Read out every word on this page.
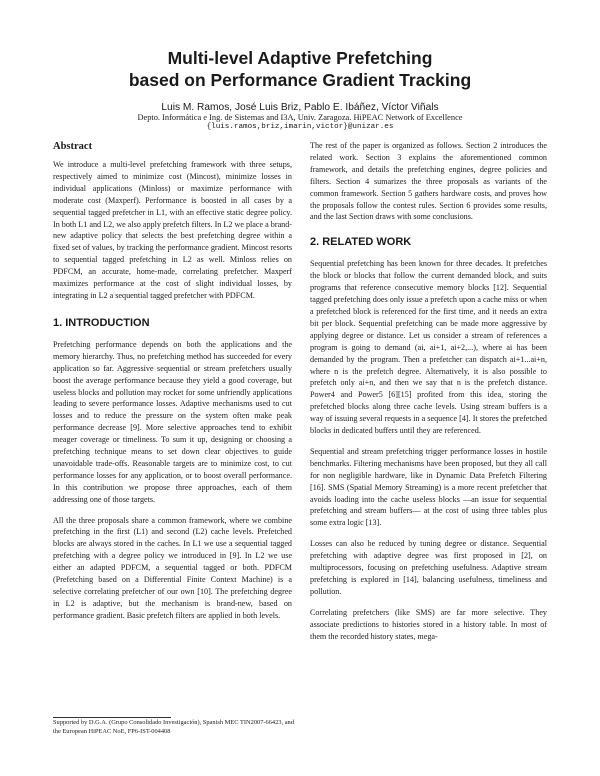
Multi-level Adaptive Prefetching
based on Performance Gradient Tracking
Luis M. Ramos, José Luis Briz, Pablo E. Ibáñez, Víctor Viñals
Depto. Informática e Ing. de Sistemas and I3A, Univ. Zaragoza. HiPEAC Network of Excellence
{luis.ramos,briz,imarin,victor}@unizar.es
Abstract

We introduce a multi-level prefetching framework with three setups, respectively aimed to minimize cost (Mincost), minimize losses in individual applications (Minloss) or maximize performance with moderate cost (Maxperf). Performance is boosted in all cases by a sequential tagged prefetcher in L1, with an effective static degree policy. In both L1 and L2, we also apply prefetch filters. In L2 we place a brand-new adaptive policy that selects the best prefetching degree within a fixed set of values, by tracking the performance gradient. Mincost resorts to sequential tagged prefetching in L2 as well. Minloss relies on PDFCM, an accurate, home-made, correlating prefetcher. Maxperf maximizes performance at the cost of slight individual losses, by integrating in L2 a sequential tagged prefetcher with PDFCM.

1. INTRODUCTION

Prefetching performance depends on both the applications and the memory hierarchy. Thus, no prefetching method has succeeded for every application so far. Aggressive sequential or stream prefetchers usually boost the average performance because they yield a good coverage, but useless blocks and pollution may rocket for some unfriendly applications leading to severe performance losses. Adaptive mechanisms used to cut losses and to reduce the pressure on the system often make peak performance decrease [9]. More selective approaches tend to exhibit meager coverage or timeliness. To sum it up, designing or choosing a prefetching technique means to set down clear objectives to guide unavoidable trade-offs. Reasonable targets are to minimize cost, to cut performance losses for any application, or to boost overall performance. In this contribution we propose three approaches, each of them addressing one of those targets.

All the three proposals share a common framework, where we combine prefetching in the first (L1) and second (L2) cache levels. Prefetched blocks are always stored in the caches. In L1 we use a sequential tagged prefetching with a degree policy we introduced in [9]. In L2 we use either an adapted PDFCM, a sequential tagged or both. PDFCM (Prefetching based on a Differential Finite Context Machine) is a selective correlating prefetcher of our own [10]. The prefetching degree in L2 is adaptive, but the mechanism is brand-new, based on performance gradient. Basic prefetch filters are applied in both levels.

Supported by D.G.A. (Grupo Consolidado Investigación), Spanish MEC TIN2007-66423, and the European HiPEAC NoE, FP6-IST-004408

The rest of the paper is organized as follows. Section 2 introduces the related work. Section 3 explains the aforementioned common framework, and details the prefetching engines, degree policies and filters. Section 4 sumarizes the three proposals as variants of the common framework. Section 5 gathers hardware costs, and proves how the proposals follow the contest rules. Section 6 provides some results, and the last Section draws with some conclusions.

2. RELATED WORK

Sequential prefetching has been known for three decades. It prefetches the block or blocks that follow the current demanded block, and suits programs that reference consecutive memory blocks [12]. Sequential tagged prefetching does only issue a prefetch upon a cache miss or when a prefetched block is referenced for the first time, and it needs an extra bit per block. Sequential prefetching can be made more aggressive by applying degree or distance. Let us consider a stream of references a program is going to demand (ai, ai+1, ai+2,...), where ai has been demanded by the program. Then a prefetcher can dispatch ai+1...ai+n, where n is the prefetch degree. Alternatively, it is also possible to prefetch only ai+n, and then we say that n is the prefetch distance. Power4 and Power5 [6][15] profited from this idea, storing the prefetched blocks along three cache levels. Using stream buffers is a way of issuing several requests in a sequence [4]. It stores the prefetched blocks in dedicated buffers until they are referenced.

Sequential and stream prefetching trigger performance losses in hostile benchmarks. Filtering mechanisms have been proposed, but they all call for non negligible hardware, like in Dynamic Data Prefetch Filtering [16]. SMS (Spatial Memory Streaming) is a more recent prefetcher that avoids loading into the cache useless blocks —an issue for sequential prefetching and stream buffers— at the cost of using three tables plus some extra logic [13].

Losses can also be reduced by tuning degree or distance. Sequential prefetching with adaptive degree was first proposed in [2], on multiprocessors, focusing on prefetching usefulness. Adaptive stream prefetching is explored in [14], balancing usefulness, timeliness and pollution.

Correlating prefetchers (like SMS) are far more selective. They associate predictions to histories stored in a history table. In most of them the recorded history states, mega-
